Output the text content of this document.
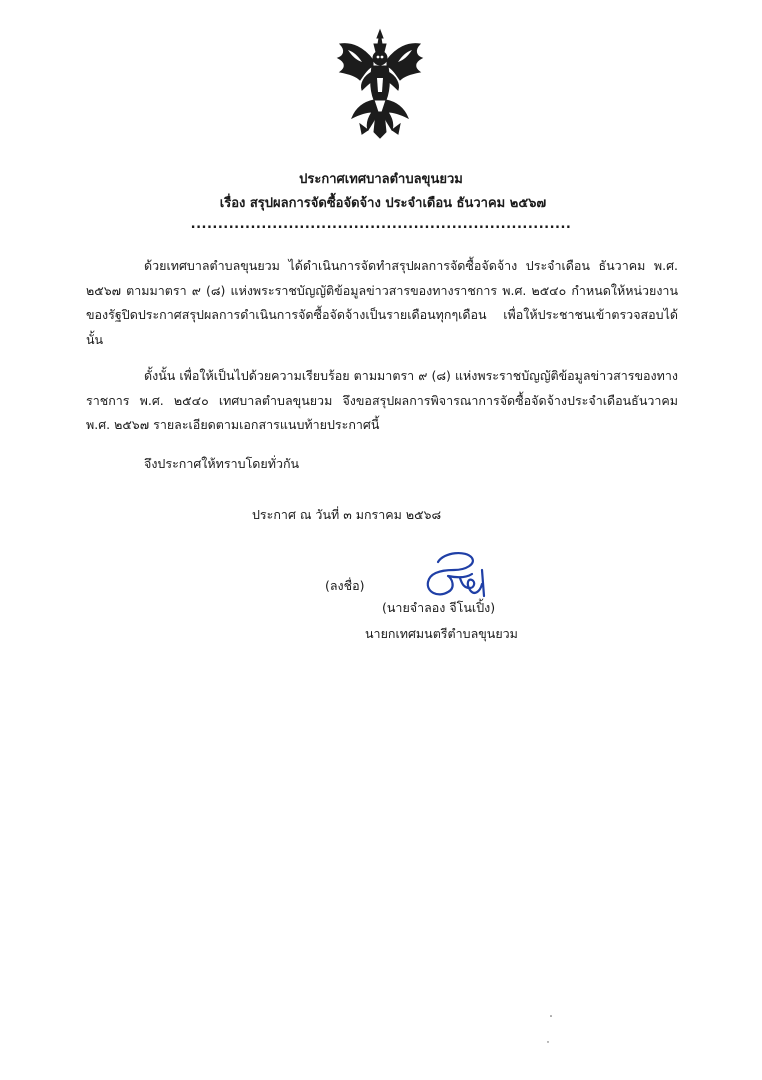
ประกาศเทศบาลตำบลขุนยวม
เรื่อง สรุปผลการจัดซื้อจัดจ้าง ประจำเดือน ธันวาคม ๒๕๖๗
......................................................................

ด้วยเทศบาลตำบลขุนยวม ได้ดำเนินการจัดทำสรุปผลการจัดซื้อจัดจ้าง ประจำเดือน ธันวาคม พ.ศ. ๒๕๖๗ ตามมาตรา ๙ (๘) แห่งพระราชบัญญัติข้อมูลข่าวสารของทางราชการ พ.ศ. ๒๕๔๐ กำหนดให้หน่วยงานของรัฐปิดประกาศสรุปผลการดำเนินการจัดซื้อจัดจ้างเป็นรายเดือนทุกๆเดือน เพื่อให้ประชาชนเข้าตรวจสอบได้นั้น

ดั้งนั้น เพื่อให้เป็นไปด้วยความเรียบร้อย ตามมาตรา ๙ (๘) แห่งพระราชบัญญัติข้อมูลข่าวสารของทางราชการ พ.ศ. ๒๕๔๐ เทศบาลตำบลขุนยวม จึงขอสรุปผลการพิจารณาการจัดซื้อจัดจ้างประจำเดือนธันวาคม พ.ศ. ๒๕๖๗ รายละเอียดตามเอกสารแนบท้ายประกาศนี้

จึงประกาศให้ทราบโดยทั่วกัน

ประกาศ ณ วันที่ ๓ มกราคม ๒๕๖๘
(ลงชื่อ)
(นายจำลอง จีโนเปิ้ง)
นายกเทศมนตรีตำบลขุนยวม
